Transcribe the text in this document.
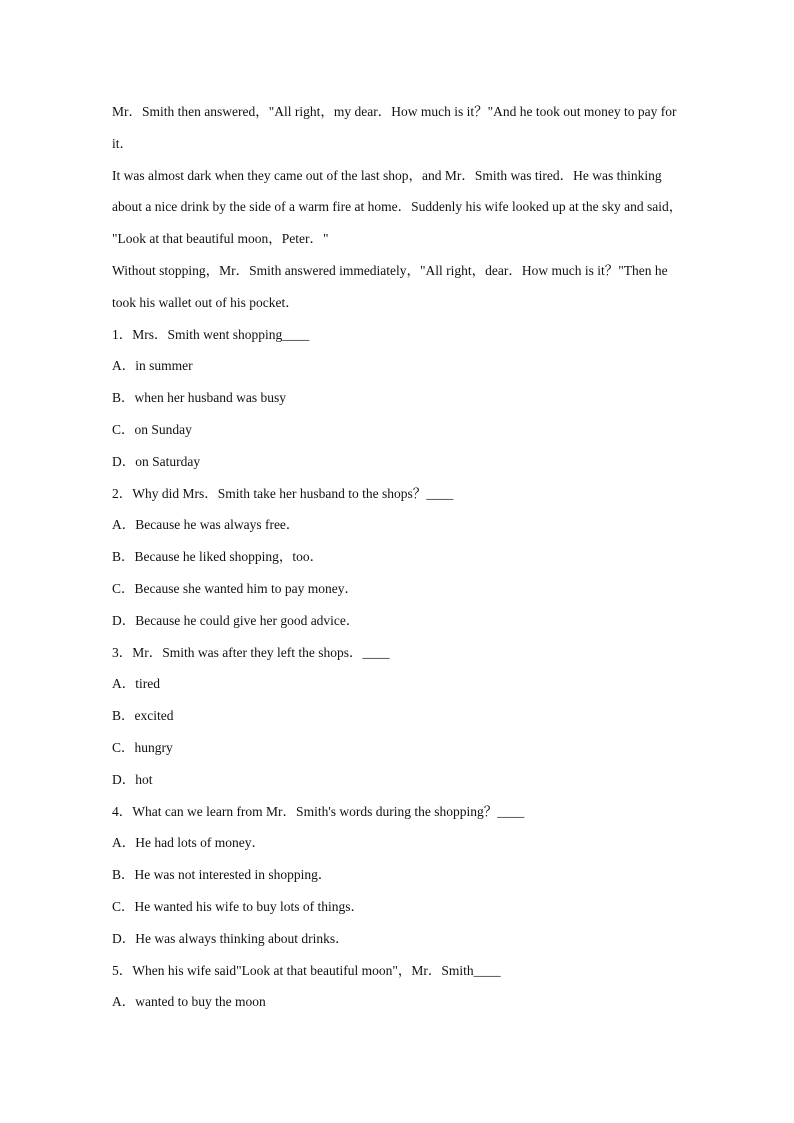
Mr．Smith then answered，"All right，my dear．How much is it？"And he took out money to pay for

it．

It was almost dark when they came out of the last shop，and Mr．Smith was tired．He was thinking

about a nice drink by the side of a warm fire at home．Suddenly his wife looked up at the sky and said，

"Look at that beautiful moon，Peter．"

Without stopping，Mr．Smith answered immediately，"All right，dear．How much is it？"Then he

took his wallet out of his pocket．

1．Mrs．Smith went shopping____

A．in summer

B．when her husband was busy

C．on Sunday

D．on Saturday

2．Why did Mrs．Smith take her husband to the shops？____

A．Because he was always free．

B．Because he liked shopping，too．

C．Because she wanted him to pay money．

D．Because he could give her good advice．

3．Mr．Smith was after they left the shops．____

A．tired

B．excited

C．hungry

D．hot

4．What can we learn from Mr．Smith's words during the shopping？____

A．He had lots of money．

B．He was not interested in shopping．

C．He wanted his wife to buy lots of things．

D．He was always thinking about drinks．

5．When his wife said"Look at that beautiful moon"，Mr．Smith____

A．wanted to buy the moon
